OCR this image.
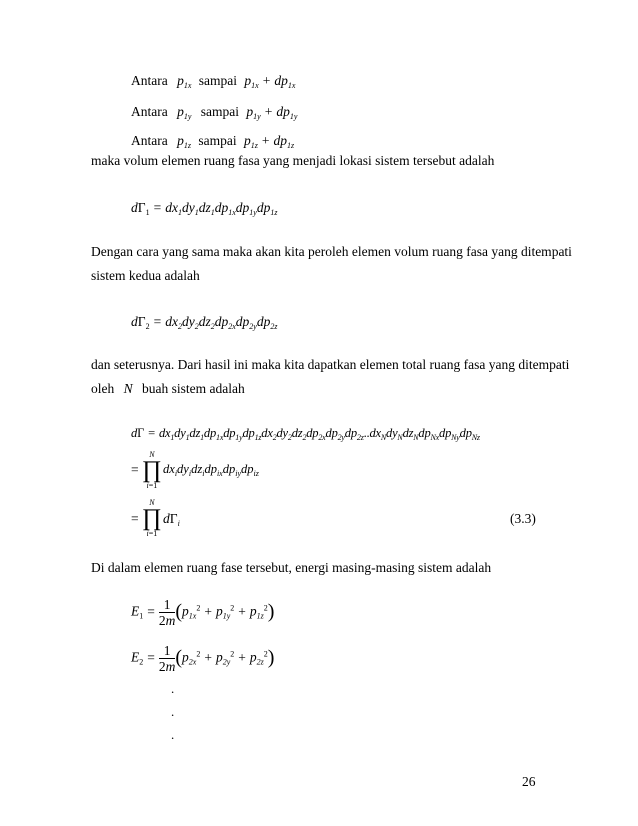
Antara $p_{1x}$ sampai $p_{1x} + dp_{1x}$
Antara $p_{1y}$ sampai $p_{1y} + dp_{1y}$
Antara $p_{1z}$ sampai $p_{1z} + dp_{1z}$
maka volum elemen ruang fasa yang menjadi lokasi sistem tersebut adalah
$d\Gamma_1 = dx_1dy_1dz_1dp_{1x}dp_{1y}dp_{1z}$
Dengan cara yang sama maka akan kita peroleh elemen volum ruang fasa yang ditempati
sistem kedua adalah
$d\Gamma_2 = dx_2dy_2dz_2dp_{2x}dp_{2y}dp_{2z}$
dan seterusnya. Dari hasil ini maka kita dapatkan elemen total ruang fasa yang ditempati
oleh N buah sistem adalah
$d\Gamma = dx_1dy_1dz_1dp_{1x}dp_{1y}dp_{1z}dx_2dy_2dz_2dp_{2x}dp_{2y}dp_{2z}..dx_Ndy_Ndz_Ndp_{Nx}dp_{Ny}dp_{Nz}$
=
N
∏
i=1
$dx_idy_idz_idp_{ix}dp_{iy}dp_{iz}$
=
N
∏
i=1
$d\Gamma_i$	(3.3)
Di dalam elemen ruang fase tersebut, energi masing-masing sistem adalah
$E_1 = \frac{1}{2m} (p_{1x}^2 + p_{1y}^2 + p_{1z}^2)$
$E_2 = \frac{1}{2m} (p_{2x}^2 + p_{2y}^2 + p_{2z}^2)$
.
.
.
26
